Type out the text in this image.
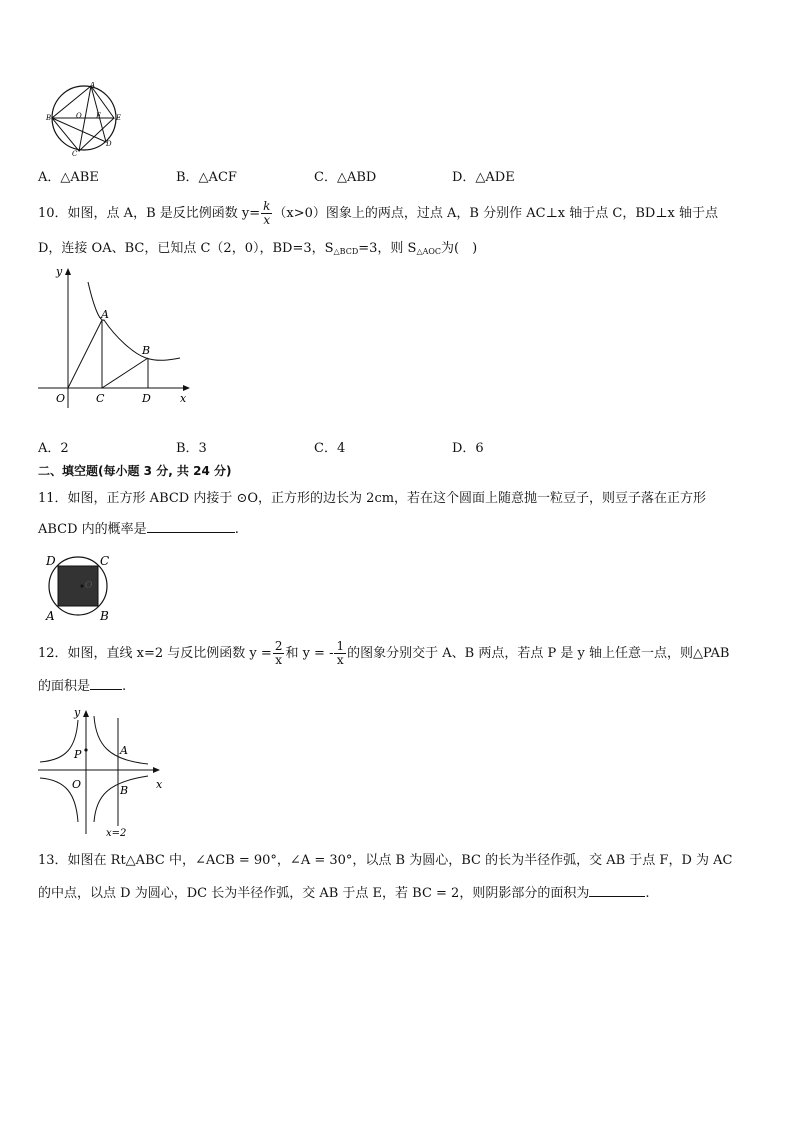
A
B
C
D
E
F
O
A．△ABE	B．△ACF	C．△ABD	D．△ADE
10．如图，点 A，B 是反比例函数 $y= \frac{k}{x} (x>0)$图象上的两点，过点 A，B 分别作 AC⊥x 轴于点 C，BD⊥x 轴于点
D，连接 OA、BC，已知点 C（2，0），BD=3，$S_{\triangle BCD}=3$，则 $S_{\triangle AOC}$为(　)
y
x
O
A
B
C	D
A．2	B．3	C．4	D．6
二、填空题(每小题 3 分, 共 24 分)
11．如图，正方形 ABCD 内接于 ⊙O，正方形的边长为 2cm，若在这个圆面上随意抛一粒豆子，则豆子落在正方形
ABCD 内的概率是	.
D	C
A	B
O
12．如图，直线 x=2 与反比例函数 $y = \frac{2}{x}$ 和 y = - $\frac{1}{x}$ 的图象分别交于 A、B 两点，若点 P 是 y 轴上任意一点，则△PAB
的面积是 .
y
x
O
P	A
B
x=2
13．如图在 Rt△ABC 中，∠ACB = 90°，∠A = 30°，以点 B 为圆心，BC 的长为半径作弧，交 AB 于点 F，D 为 AC
的中点，以点 D 为圆心，DC 长为半径作弧，交 AB 于点 E，若 BC = 2，则阴影部分的面积为	.
